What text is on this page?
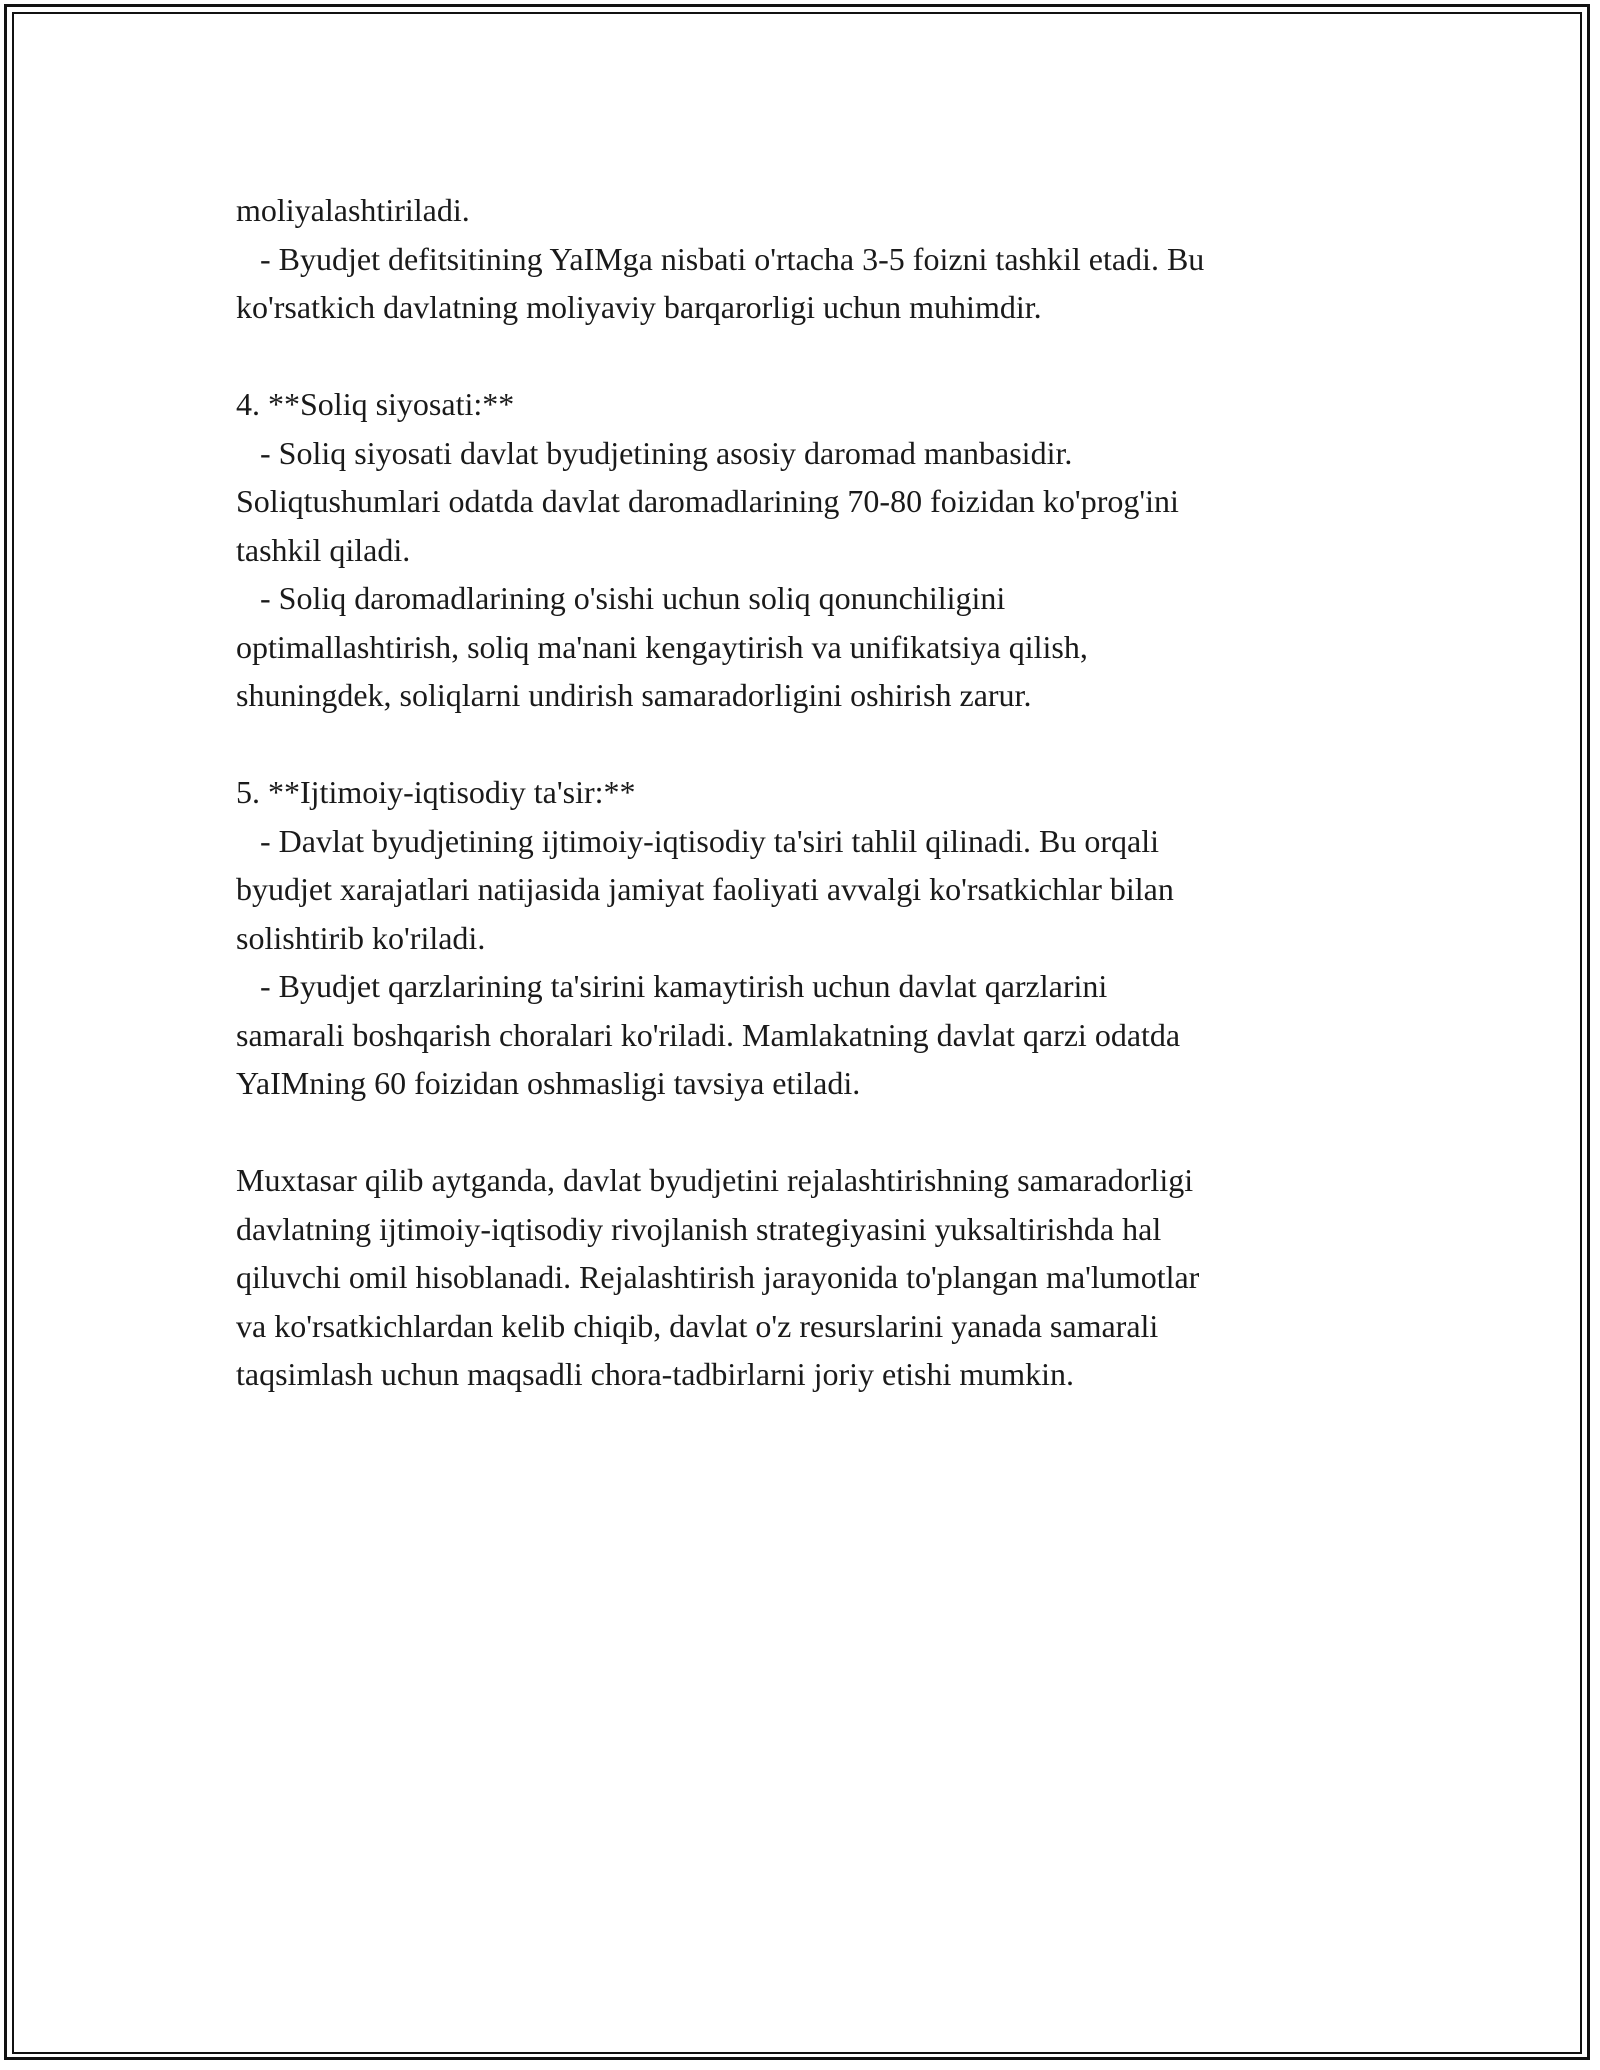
moliyalashtiriladi.
- Byudjet defitsitining YaIMga nisbati o'rtacha 3-5 foizni tashkil etadi. Bu
ko'rsatkich davlatning moliyaviy barqarorligi uchun muhimdir.
4. **Soliq siyosati:**
- Soliq siyosati davlat byudjetining asosiy daromad manbasidir.
Soliqtushumlari odatda davlat daromadlarining 70-80 foizidan ko'prog'ini
tashkil qiladi.
- Soliq daromadlarining o'sishi uchun soliq qonunchiligini
optimallashtirish, soliq ma'nani kengaytirish va unifikatsiya qilish,
shuningdek, soliqlarni undirish samaradorligini oshirish zarur.
5. **Ijtimoiy-iqtisodiy ta'sir:**
- Davlat byudjetining ijtimoiy-iqtisodiy ta'siri tahlil qilinadi. Bu orqali
byudjet xarajatlari natijasida jamiyat faoliyati avvalgi ko'rsatkichlar bilan
solishtirib ko'riladi.
- Byudjet qarzlarining ta'sirini kamaytirish uchun davlat qarzlarini
samarali boshqarish choralari ko'riladi. Mamlakatning davlat qarzi odatda
YaIMning 60 foizidan oshmasligi tavsiya etiladi.
Muxtasar qilib aytganda, davlat byudjetini rejalashtirishning samaradorligi
davlatning ijtimoiy-iqtisodiy rivojlanish strategiyasini yuksaltirishda hal
qiluvchi omil hisoblanadi. Rejalashtirish jarayonida to'plangan ma'lumotlar
va ko'rsatkichlardan kelib chiqib, davlat o'z resurslarini yanada samarali
taqsimlash uchun maqsadli chora-tadbirlarni joriy etishi mumkin.
